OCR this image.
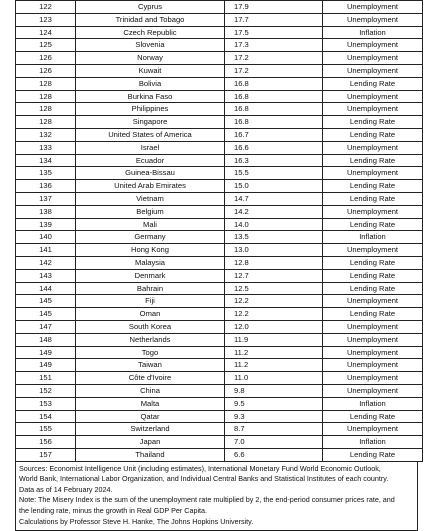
122	Cyprus	17.9	Unemployment
123	Trinidad and Tobago	17.7	Unemployment
124	Czech Republic	17.5	Inflation
125	Slovenia	17.3	Unemployment
126	Norway	17.2	Unemployment
126	Kuwait	17.2	Unemployment
128	Bolivia	16.8	Lending Rate
128	Burkina Faso	16.8	Unemployment
128	Philippines	16.8	Unemployment
128	Singapore	16.8	Lending Rate
132	United States of America	16.7	Lending Rate
133	Israel	16.6	Unemployment
134	Ecuador	16.3	Lending Rate
135	Guinea-Bissau	15.5	Unemployment
136	United Arab Emirates	15.0	Lending Rate
137	Vietnam	14.7	Lending Rate
138	Belgium	14.2	Unemployment
139	Mali	14.0	Lending Rate
140	Germany	13.5	Inflation
141	Hong Kong	13.0	Unemployment
142	Malaysia	12.8	Lending Rate
143	Denmark	12.7	Lending Rate
144	Bahrain	12.5	Lending Rate
145	Fiji	12.2	Unemployment
145	Oman	12.2	Lending Rate
147	South Korea	12.0	Unemployment
148	Netherlands	11.9	Unemployment
149	Togo	11.2	Unemployment
149	Taiwan	11.2	Unemployment
151	Côte d'Ivoire	11.0	Unemployment
152	China	9.8	Unemployment
153	Malta	9.5	Inflation
154	Qatar	9.3	Lending Rate
155	Switzerland	8.7	Unemployment
156	Japan	7.0	Inflation
157	Thailand	6.6	Lending Rate
Sources: Economist Intelligence Unit (including estimates), International Monetary Fund World Economic Outlook,
World Bank, International Labor Organization, and Individual Central Banks and Statistical Institutes of each country.
Data as of 14 February 2024.
Note: The Misery Index is the sum of the unemployment rate multiplied by 2, the end-period consumer prices rate, and
the lending rate, minus the growth in Real GDP Per Capita.
Calculations by Professor Steve H. Hanke, The Johns Hopkins University.
